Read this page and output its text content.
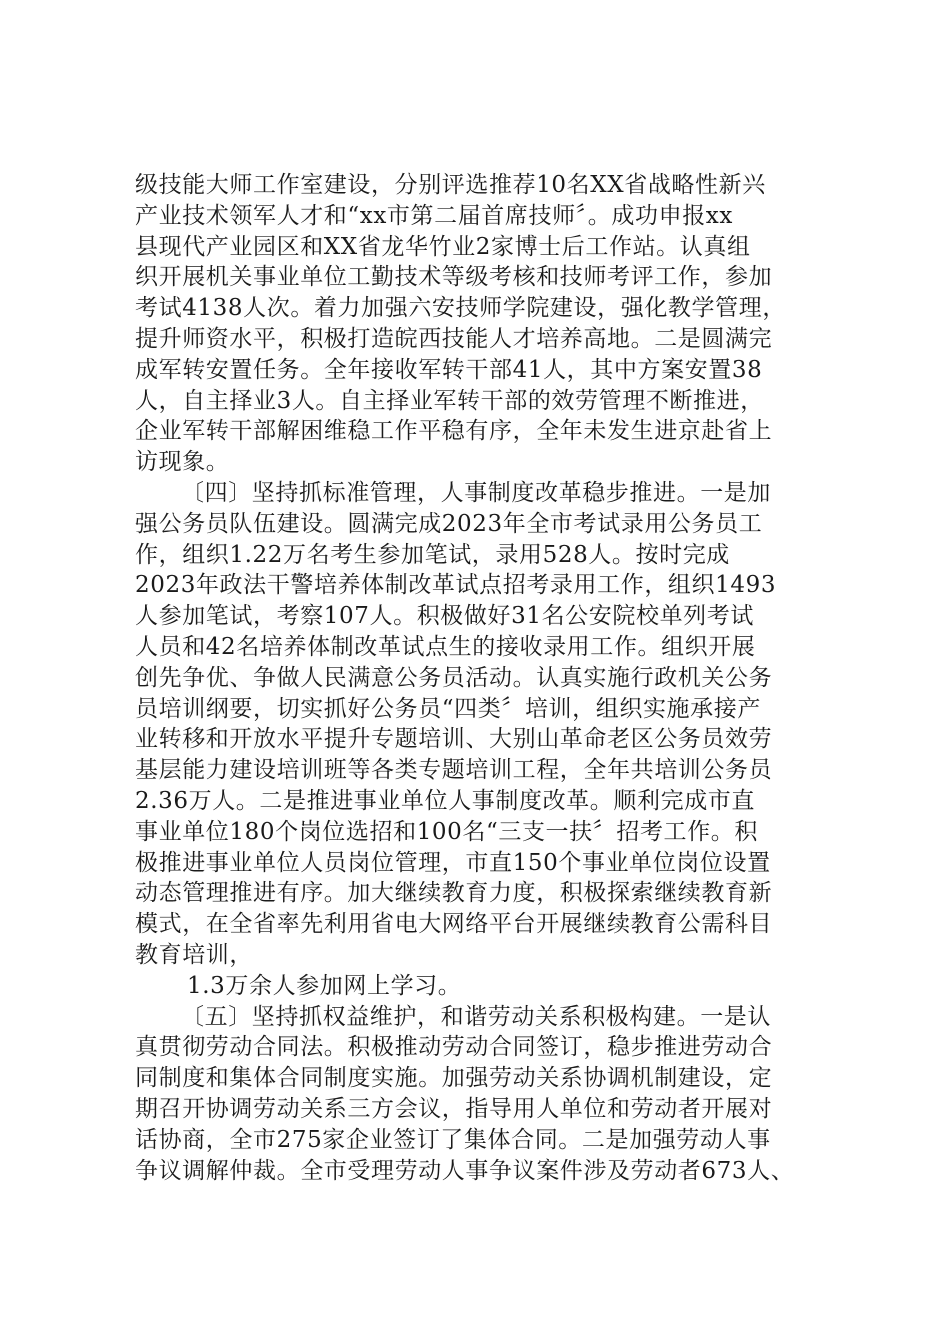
级技能大师工作室建设，分别评选推荐10名XX省战略性新兴
产业技术领军人才和“xx市第二届首席技师〞。成功申报xx
县现代产业园区和XX省龙华竹业2家博士后工作站。认真组
织开展机关事业单位工勤技术等级考核和技师考评工作，参加
考试4138人次。着力加强六安技师学院建设，强化教学管理，
提升师资水平，积极打造皖西技能人才培养高地。二是圆满完
成军转安置任务。全年接收军转干部41人，其中方案安置38
人，自主择业3人。自主择业军转干部的效劳管理不断推进，
企业军转干部解困维稳工作平稳有序，全年未发生进京赴省上
访现象。
〔四〕坚持抓标准管理，人事制度改革稳步推进。一是加
强公务员队伍建设。圆满完成2023年全市考试录用公务员工
作，组织1.22万名考生参加笔试，录用528人。按时完成
2023年政法干警培养体制改革试点招考录用工作，组织1493
人参加笔试，考察107人。积极做好31名公安院校单列考试
人员和42名培养体制改革试点生的接收录用工作。组织开展
创先争优、争做人民满意公务员活动。认真实施行政机关公务
员培训纲要，切实抓好公务员“四类〞培训，组织实施承接产
业转移和开放水平提升专题培训、大别山革命老区公务员效劳
基层能力建设培训班等各类专题培训工程，全年共培训公务员
2.36万人。二是推进事业单位人事制度改革。顺利完成市直
事业单位180个岗位选招和100名“三支一扶〞招考工作。积
极推进事业单位人员岗位管理，市直150个事业单位岗位设置
动态管理推进有序。加大继续教育力度，积极探索继续教育新
模式，在全省率先利用省电大网络平台开展继续教育公需科目
教育培训，
1.3万余人参加网上学习。
〔五〕坚持抓权益维护，和谐劳动关系积极构建。一是认
真贯彻劳动合同法。积极推动劳动合同签订，稳步推进劳动合
同制度和集体合同制度实施。加强劳动关系协调机制建设，定
期召开协调劳动关系三方会议，指导用人单位和劳动者开展对
话协商，全市275家企业签订了集体合同。二是加强劳动人事
争议调解仲裁。全市受理劳动人事争议案件涉及劳动者673人、
